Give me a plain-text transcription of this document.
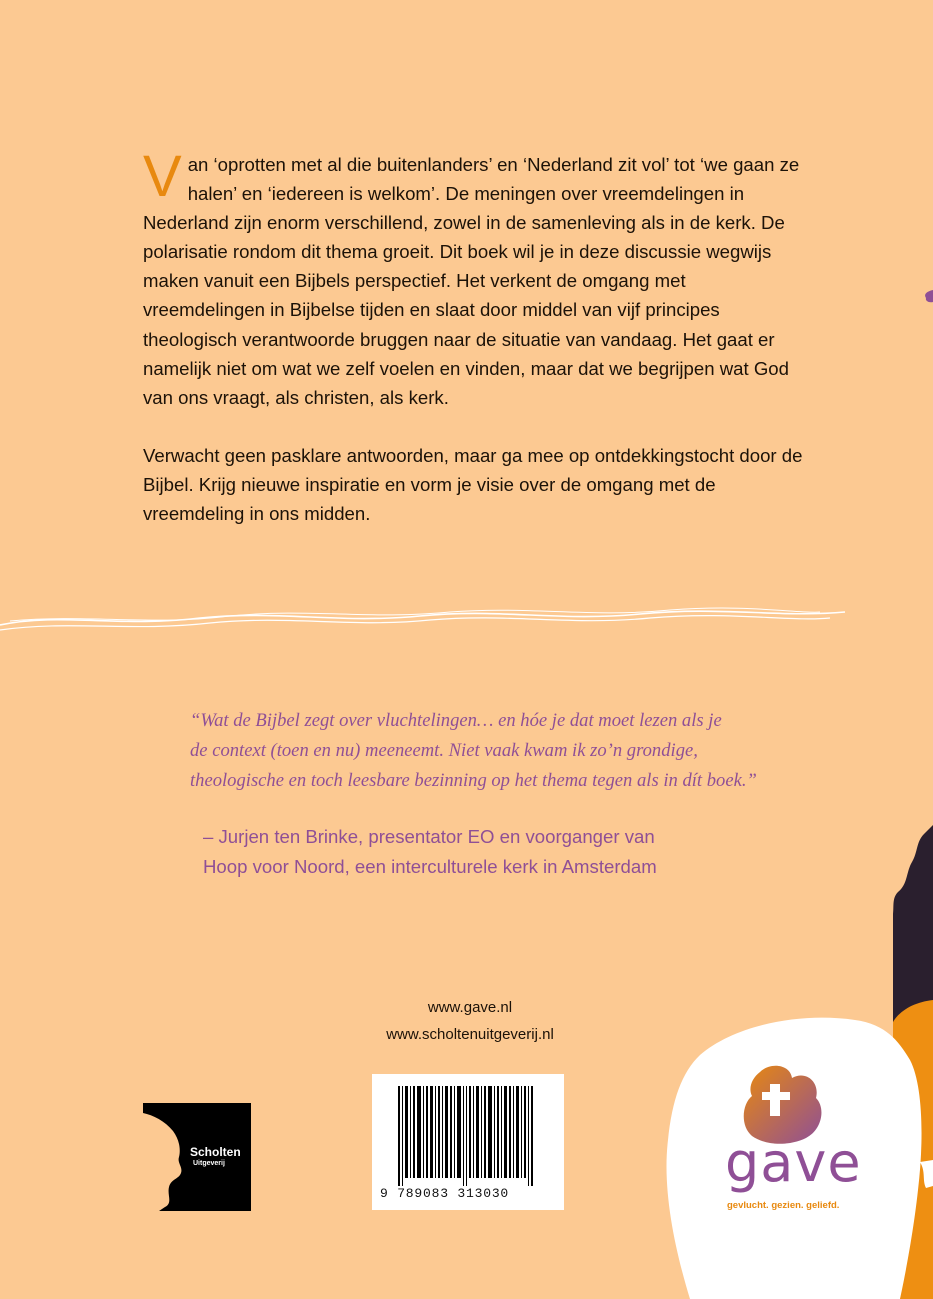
Van ‘oprotten met al die buitenlanders’ en ‘Nederland zit vol’ tot ‘we gaan ze halen’ en ‘iedereen is welkom’. De meningen over vreemdelingen in Nederland zijn enorm verschillend, zowel in de samenleving als in de kerk. De polarisatie rondom dit thema groeit. Dit boek wil je in deze discussie wegwijs maken vanuit een Bijbels perspectief. Het verkent de omgang met vreemdelingen in Bijbelse tijden en slaat door middel van vijf principes theologisch verantwoorde bruggen naar de situatie van vandaag. Het gaat er namelijk niet om wat we zelf voelen en vinden, maar dat we begrijpen wat God van ons vraagt, als christen, als kerk.

Verwacht geen pasklare antwoorden, maar ga mee op ontdekkingstocht door de Bijbel. Krijg nieuwe inspiratie en vorm je visie over de omgang met de vreemdeling in ons midden.

“Wat de Bijbel zegt over vluchtelingen… en hóe je dat moet lezen als je
de context (toen en nu) meeneemt. Niet vaak kwam ik zo’n grondige,
theologische en toch leesbare bezinning op het thema tegen als in dít boek.”
– Jurjen ten Brinke, presentator EO en voorganger van
Hoop voor Noord, een interculturele kerk in Amsterdam
www.gave.nl
www.scholtenuitgeverij.nl
9 789083 313030
Scholten
Uitgeverij	gave
gevlucht. gezien. geliefd.
